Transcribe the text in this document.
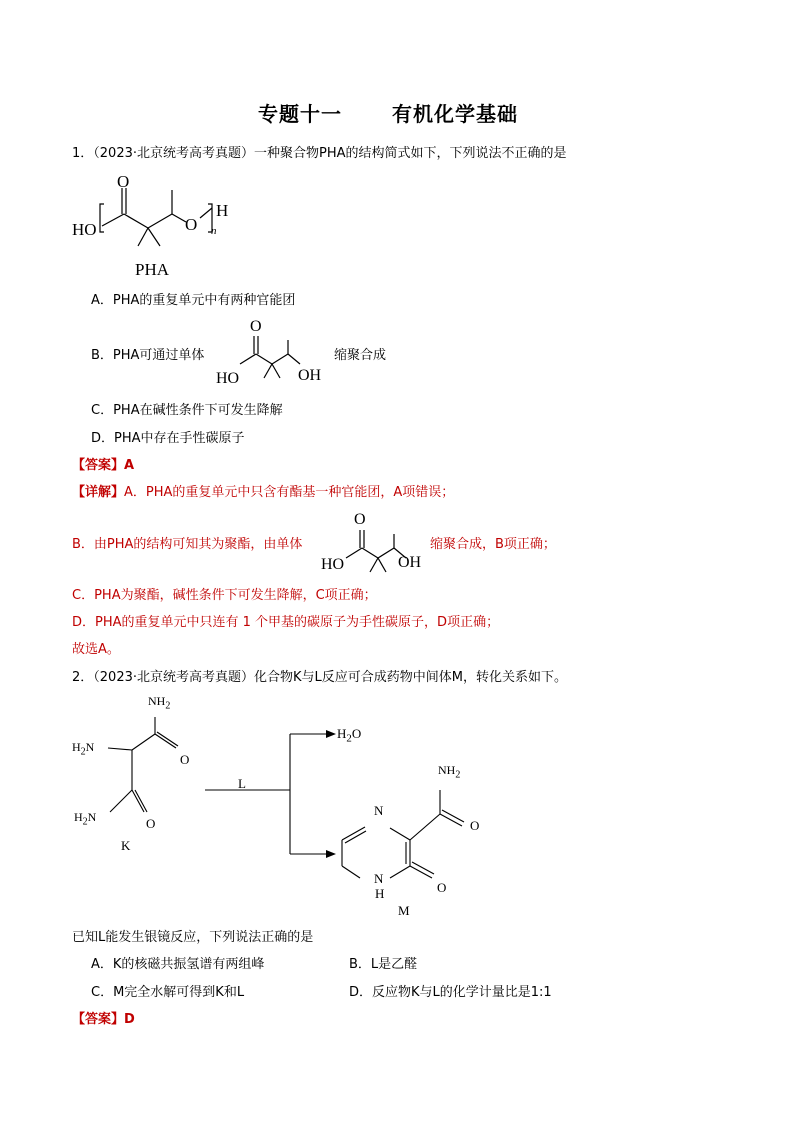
专题十一	有机化学基础
1．（2023·北京统考高考真题）一种聚合物PHA的结构简式如下，下列说法不正确的是
O
HO	O
H
n
PHA
A．PHA的重复单元中有两种官能团
B．PHA可通过单体
O
HO	OH
缩聚合成
C．PHA在碱性条件下可发生降解
D．PHA中存在手性碳原子
【答案】A
【详解】A．PHA的重复单元中只含有酯基一种官能团，A项错误；
B．由PHA的结构可知其为聚酯，由单体
O
HO	OH
缩聚合成，B项正确；
C．PHA为聚酯，碱性条件下可发生降解，C项正确；
D．PHA的重复单元中只连有 1 个甲基的碳原子为手性碳原子，D项正确；
故选A。
2．（2023·北京统考高考真题）化合物K与L反应可合成药物中间体M，转化关系如下。
$NH_2$
$H_2N$
O
$H_2N$	O
K
L
$H_2O$
$NH_2$
N
O
N
H	O
M
已知L能发生银镜反应，下列说法正确的是
A．K的核磁共振氢谱有两组峰	B．L是乙醛
C．M完全水解可得到K和L	D．反应物K与L的化学计量比是1:1
【答案】D
